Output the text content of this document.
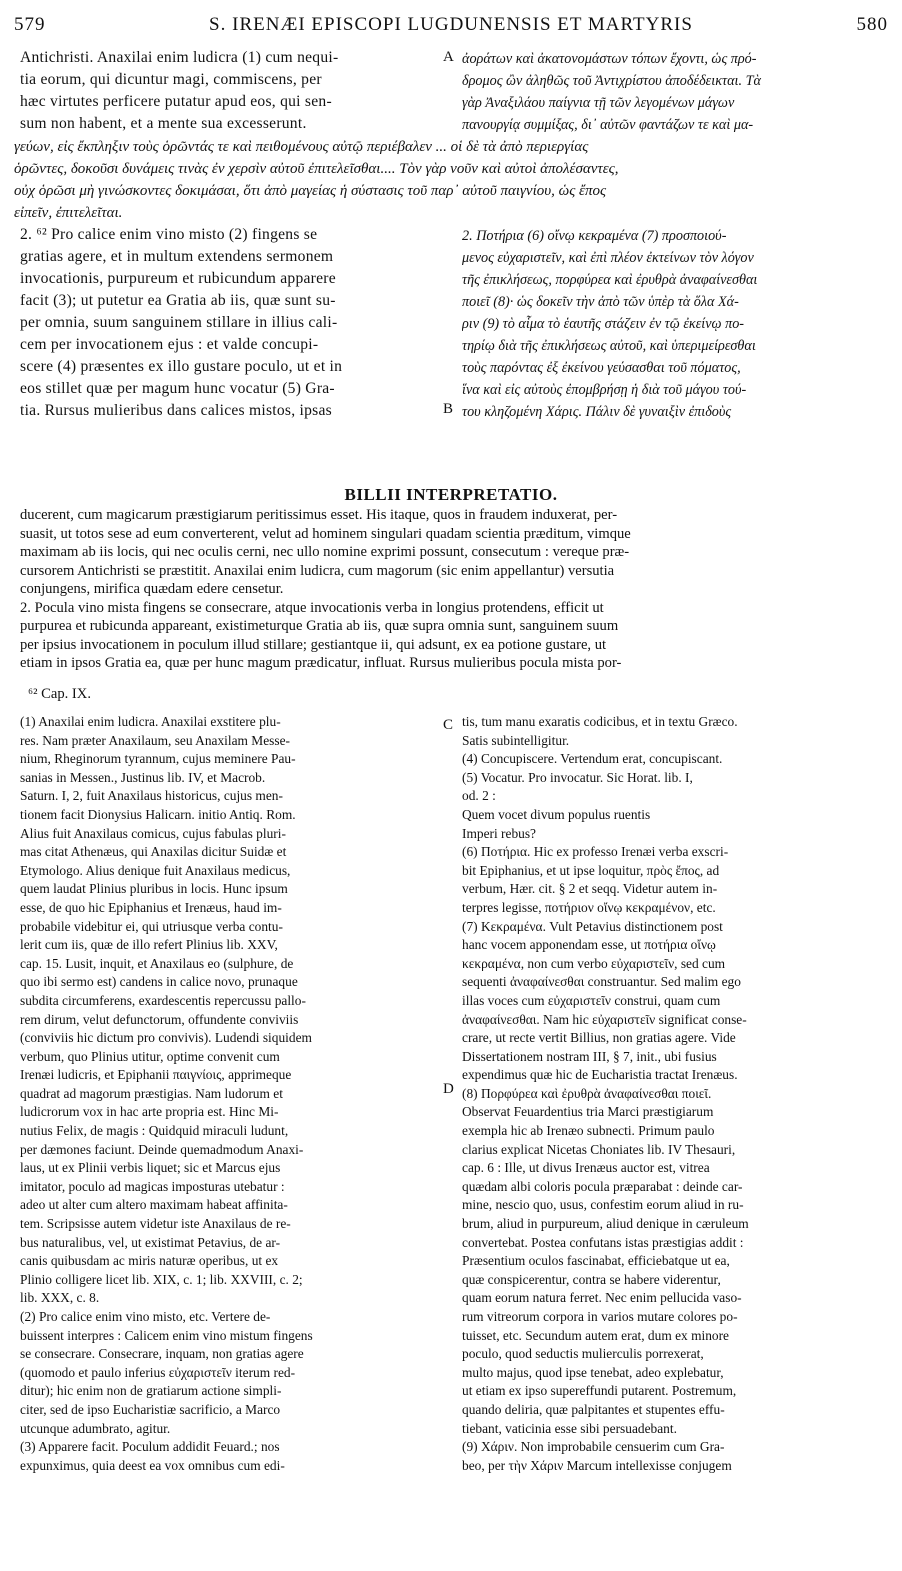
579	S. IRENÆI EPISCOPI LUGDUNENSIS ET MARTYRIS	580
Antichristi. Anaxilai enim ludicra (1) cum nequi-
tia eorum, qui dicuntur magi, commiscens, per
hæc virtutes perficere putatur apud eos, qui sen-
sum non habent, et a mente sua excesserunt.
ἀοράτων καὶ ἀκατονομάστων τόπων ἔχοντι, ὡς πρό-
δρομος ὢν ἀληθῶς τοῦ Ἀντιχρίστου ἀποδέδεικται. Τὰ
γὰρ Ἀναξιλάου παίγνια τῇ τῶν λεγομένων μάγων
πανουργίᾳ συμμίξας, δι᾽ αὐτῶν φαντάζων τε καὶ μα-
A
γεύων, εἰς ἔκπληξιν τοὺς ὁρῶντάς τε καὶ πειθομένους αὐτῷ περιέβαλεν ... οἱ δὲ τὰ ἀπὸ περιεργίας
ὁρῶντες, δοκοῦσι δυνάμεις τινὰς ἐν χερσὶν αὐτοῦ ἐπιτελεῖσθαι.... Τὸν γὰρ νοῦν καὶ αὐτοὶ ἀπολέσαντες,
οὐχ ὁρῶσι μὴ γινώσκοντες δοκιμάσαι, ὅτι ἀπὸ μαγείας ἡ σύστασις τοῦ παρ᾽ αὐτοῦ παιγνίου, ὡς ἔπος
εἰπεῖν, ἐπιτελεῖται.
2. ⁶² Pro calice enim vino misto (2) fingens se
gratias agere, et in multum extendens sermonem
invocationis, purpureum et rubicundum apparere
facit (3); ut putetur ea Gratia ab iis, quæ sunt su-
per omnia, suum sanguinem stillare in illius cali-
cem per invocationem ejus : et valde concupi-
scere (4) præsentes ex illo gustare poculo, ut et in
eos stillet quæ per magum hunc vocatur (5) Gra-
tia. Rursus mulieribus dans calices mistos, ipsas
2. Ποτήρια (6) οἴνῳ κεκραμένα (7) προσποιού-
μενος εὐχαριστεῖν, καὶ ἐπὶ πλέον ἐκτείνων τὸν λόγον
τῆς ἐπικλήσεως, πορφύρεα καὶ ἐρυθρὰ ἀναφαίνεσθαι
ποιεῖ (8)· ὡς δοκεῖν τὴν ἀπὸ τῶν ὑπὲρ τὰ ὅλα Χά-
ριν (9) τὸ αἷμα τὸ ἑαυτῆς στάζειν ἐν τῷ ἐκείνῳ πο-
τηρίῳ διὰ τῆς ἐπικλήσεως αὐτοῦ, καὶ ὑπεριμείρεσθαι
τοὺς παρόντας ἐξ ἐκείνου γεύσασθαι τοῦ πόματος,
ἵνα καὶ εἰς αὐτοὺς ἐπομβρήσῃ ἡ διὰ τοῦ μάγου τού-
του κληζομένη Χάρις. Πάλιν δὲ γυναιξὶν ἐπιδοὺς
B
BILLII INTERPRETATIO.
ducerent, cum magicarum præstigiarum peritissimus esset. His itaque, quos in fraudem induxerat, per-
suasit, ut totos sese ad eum converterent, velut ad hominem singulari quadam scientia præditum, vimque
maximam ab iis locis, qui nec oculis cerni, nec ullo nomine exprimi possunt, consecutum : vereque præ-
cursorem Antichristi se præstitit. Anaxilai enim ludicra, cum magorum (sic enim appellantur) versutia
conjungens, mirifica quædam edere censetur.
2. Pocula vino mista fingens se consecrare, atque invocationis verba in longius protendens, efficit ut
purpurea et rubicunda appareant, existimeturque Gratia ab iis, quæ supra omnia sunt, sanguinem suum
per ipsius invocationem in poculum illud stillare; gestiantque ii, qui adsunt, ex ea potione gustare, ut
etiam in ipsos Gratia ea, quæ per hunc magum prædicatur, influat. Rursus mulieribus pocula mista por-
⁶² Cap. IX.
(1) Anaxilai enim ludicra. Anaxilai exstitere plu-
res. Nam præter Anaxilaum, seu Anaxilam Messe-
nium, Rheginorum tyrannum, cujus meminere Pau-
sanias in Messen., Justinus lib. IV, et Macrob.
Saturn. I, 2, fuit Anaxilaus historicus, cujus men-
tionem facit Dionysius Halicarn. initio Antiq. Rom.
Alius fuit Anaxilaus comicus, cujus fabulas pluri-
mas citat Athenæus, qui Anaxilas dicitur Suidæ et
Etymologo. Alius denique fuit Anaxilaus medicus,
quem laudat Plinius pluribus in locis. Hunc ipsum
esse, de quo hic Epiphanius et Irenæus, haud im-
probabile videbitur ei, qui utriusque verba contu-
lerit cum iis, quæ de illo refert Plinius lib. XXV,
cap. 15. Lusit, inquit, et Anaxilaus eo (sulphure, de
quo ibi sermo est) candens in calice novo, prunaque
subdita circumferens, exardescentis repercussu pallo-
rem dirum, velut defunctorum, offundente conviviis
(conviviis hic dictum pro convivis). Ludendi siquidem
verbum, quo Plinius utitur, optime convenit cum
Irenæi ludicris, et Epiphanii παιγνίοις, apprimeque
quadrat ad magorum præstigias. Nam ludorum et
ludicrorum vox in hac arte propria est. Hinc Mi-
nutius Felix, de magis : Quidquid miraculi ludunt,
per dæmones faciunt. Deinde quemadmodum Anaxi-
laus, ut ex Plinii verbis liquet; sic et Marcus ejus
imitator, poculo ad magicas imposturas utebatur :
adeo ut alter cum altero maximam habeat affinita-
tem. Scripsisse autem videtur iste Anaxilaus de re-
bus naturalibus, vel, ut existimat Petavius, de ar-
canis quibusdam ac miris naturæ operibus, ut ex
Plinio colligere licet lib. XIX, c. 1; lib. XXVIII, c. 2;
lib. XXX, c. 8.
(2) Pro calice enim vino misto, etc. Vertere de-
buissent interpres : Calicem enim vino mistum fingens
se consecrare. Consecrare, inquam, non gratias agere
(quomodo et paulo inferius εὐχαριστεῖν iterum red-
ditur); hic enim non de gratiarum actione simpli-
citer, sed de ipso Eucharistiæ sacrificio, a Marco
utcunque adumbrato, agitur.
(3) Apparere facit. Poculum addidit Feuard.; nos
expunximus, quia deest ea vox omnibus cum edi-
tis, tum manu exaratis codicibus, et in textu Græco.
Satis subintelligitur.
(4) Concupiscere. Vertendum erat, concupiscant.
(5) Vocatur. Pro invocatur. Sic Horat. lib. I,
od. 2 :
Quem vocet divum populus ruentis
Imperi rebus?
(6) Ποτήρια. Hic ex professo Irenæi verba exscri-
bit Epiphanius, et ut ipse loquitur, πρὸς ἔπος, ad
verbum, Hær. cit. § 2 et seqq. Videtur autem in-
terpres legisse, ποτήριον οἴνῳ κεκραμένον, etc.
(7) Κεκραμένα. Vult Petavius distinctionem post
hanc vocem apponendam esse, ut ποτήρια οἴνῳ
κεκραμένα, non cum verbo εὐχαριστεῖν, sed cum
sequenti ἀναφαίνεσθαι construantur. Sed malim ego
illas voces cum εὐχαριστεῖν construi, quam cum
ἀναφαίνεσθαι. Nam hic εὐχαριστεῖν significat conse-
crare, ut recte vertit Billius, non gratias agere. Vide
Dissertationem nostram III, § 7, init., ubi fusius
expendimus quæ hic de Eucharistia tractat Irenæus.
(8) Πορφύρεα καὶ ἐρυθρὰ ἀναφαίνεσθαι ποιεῖ.
Observat Feuardentius tria Marci præstigiarum
exempla hic ab Irenæo subnecti. Primum paulo
clarius explicat Nicetas Choniates lib. IV Thesauri,
cap. 6 : Ille, ut divus Irenæus auctor est, vitrea
quædam albi coloris pocula præparabat : deinde car-
mine, nescio quo, usus, confestim eorum aliud in ru-
brum, aliud in purpureum, aliud denique in cæruleum
convertebat. Postea confutans istas præstigias addit :
Præsentium oculos fascinabat, efficiebatque ut ea,
quæ conspicerentur, contra se habere viderentur,
quam eorum natura ferret. Nec enim pellucida vaso-
rum vitreorum corpora in varios mutare colores po-
tuisset, etc. Secundum autem erat, dum ex minore
poculo, quod seductis mulierculis porrexerat,
multo majus, quod ipse tenebat, adeo explebatur,
ut etiam ex ipso supereffundi putarent. Postremum,
quando deliria, quæ palpitantes et stupentes effu-
tiebant, vaticinia esse sibi persuadebant.
(9) Χάριν. Non improbabile censuerim cum Gra-
beo, per τὴν Χάριν Marcum intellexisse conjugem
C
D
